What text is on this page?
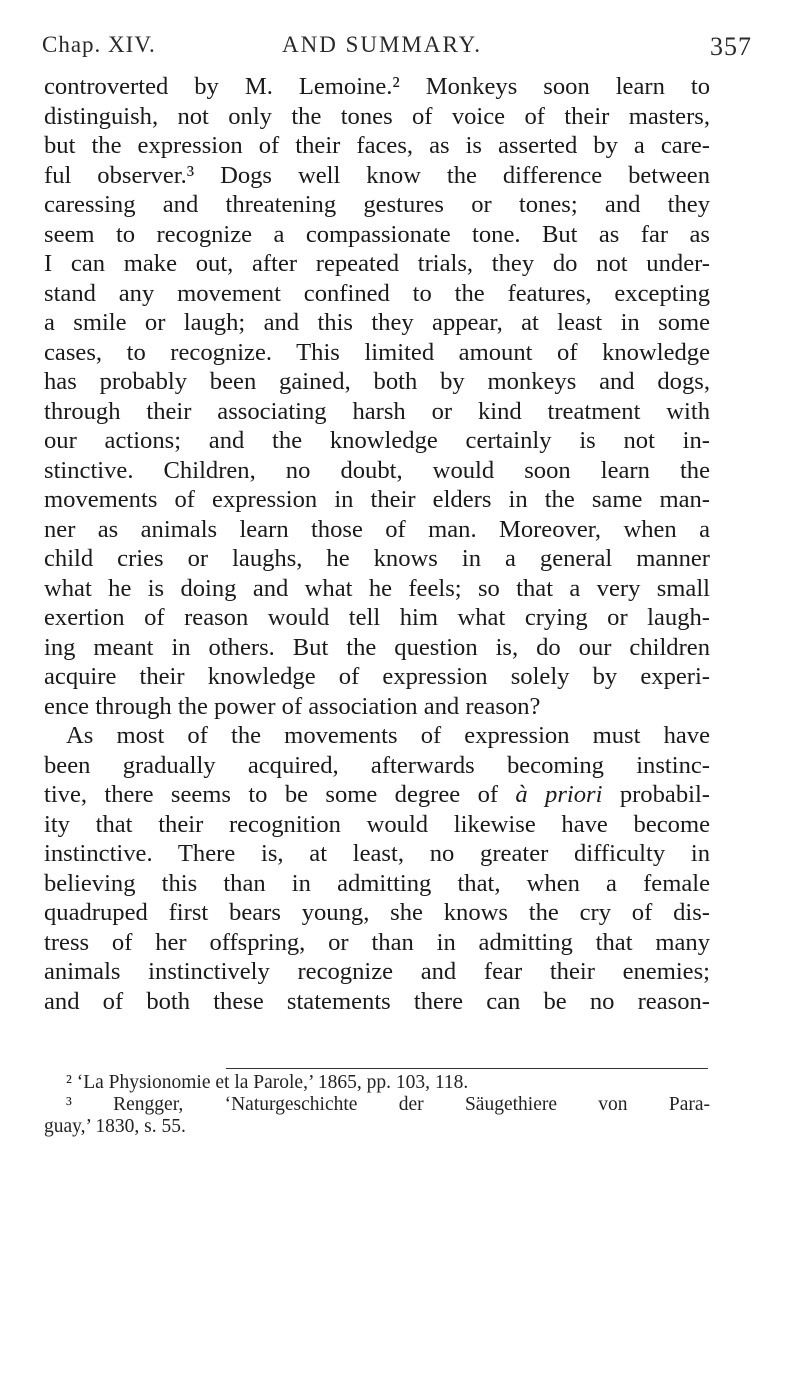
Chap. XIV.	AND SUMMARY.	357
controverted by M. Lemoine.² Monkeys soon learn to
distinguish, not only the tones of voice of their masters,
but the expression of their faces, as is asserted by a care-
ful observer.³ Dogs well know the difference between
caressing and threatening gestures or tones; and they
seem to recognize a compassionate tone. But as far as
I can make out, after repeated trials, they do not under-
stand any movement confined to the features, excepting
a smile or laugh; and this they appear, at least in some
cases, to recognize. This limited amount of knowledge
has probably been gained, both by monkeys and dogs,
through their associating harsh or kind treatment with
our actions; and the knowledge certainly is not in-
stinctive. Children, no doubt, would soon learn the
movements of expression in their elders in the same man-
ner as animals learn those of man. Moreover, when a
child cries or laughs, he knows in a general manner
what he is doing and what he feels; so that a very small
exertion of reason would tell him what crying or laugh-
ing meant in others. But the question is, do our children
acquire their knowledge of expression solely by experi-
ence through the power of association and reason?
As most of the movements of expression must have
been gradually acquired, afterwards becoming instinc-
tive, there seems to be some degree of à priori probabil-
ity that their recognition would likewise have become
instinctive. There is, at least, no greater difficulty in
believing this than in admitting that, when a female
quadruped first bears young, she knows the cry of dis-
tress of her offspring, or than in admitting that many
animals instinctively recognize and fear their enemies;
and of both these statements there can be no reason-
² ‘La Physionomie et la Parole,’ 1865, pp. 103, 118.
³ Rengger, ‘Naturgeschichte der Säugethiere von Para-
guay,’ 1830, s. 55.
